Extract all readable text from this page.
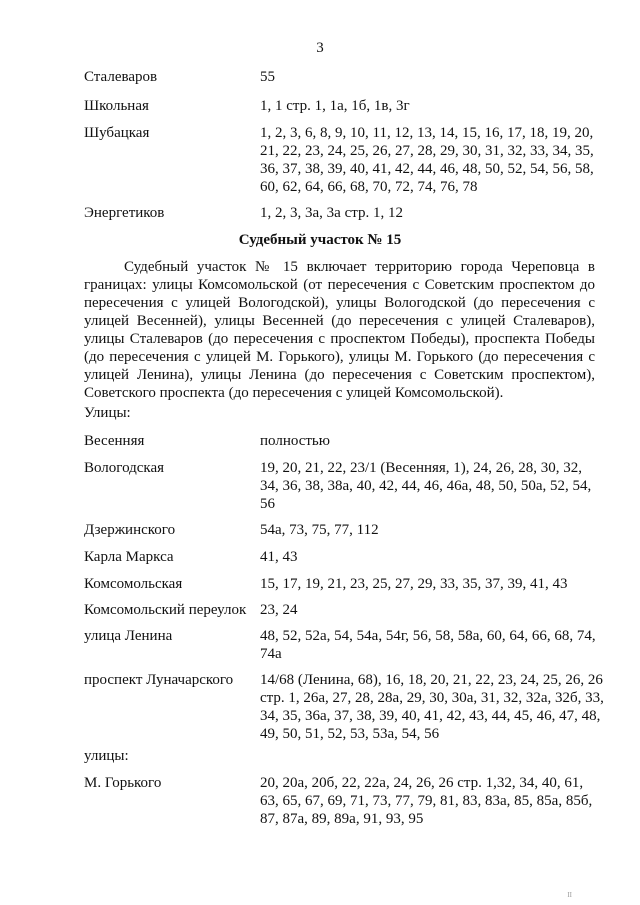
3
Сталеваров	55
Школьная	1, 1 стр. 1, 1а, 1б, 1в, 3г
Шубацкая	1, 2, 3, 6, 8, 9, 10, 11, 12, 13, 14, 15, 16, 17, 18, 19, 20, 21, 22, 23, 24, 25, 26, 27, 28, 29, 30, 31, 32, 33, 34, 35, 36, 37, 38, 39, 40, 41, 42, 44, 46, 48, 50, 52, 54, 56, 58, 60, 62, 64, 66, 68, 70, 72, 74, 76, 78
Энергетиков	1, 2, 3, 3а, 3а стр. 1, 12
Судебный участок № 15
Судебный участок № 15 включает территорию города Череповца в границах: улицы Комсомольской (от пересечения с Советским проспектом до пересечения с улицей Вологодской), улицы Вологодской (до пересечения с улицей Весенней), улицы Весенней (до пересечения с улицей Сталеваров), улицы Сталеваров (до пересечения с проспектом Победы), проспекта Победы (до пересечения с улицей М. Горького), улицы М. Горького (до пересечения с улицей Ленина), улицы Ленина (до пересечения с Советским проспектом), Советского проспекта (до пересечения с улицей Комсомольской).
Улицы:
Весенняя	полностью
Вологодская	19, 20, 21, 22, 23/1 (Весенняя, 1), 24, 26, 28, 30, 32, 34, 36, 38, 38а, 40, 42, 44, 46, 46а, 48, 50, 50а, 52, 54, 56
Дзержинского	54а, 73, 75, 77, 112
Карла Маркса	41, 43
Комсомольская	15, 17, 19, 21, 23, 25, 27, 29, 33, 35, 37, 39, 41, 43
Комсомольский переулок 23, 24
улица Ленина	48, 52, 52а, 54, 54а, 54г, 56, 58, 58а, 60, 64, 66, 68, 74, 74а
проспект Луначарского	14/68 (Ленина, 68), 16, 18, 20, 21, 22, 23, 24, 25, 26, 26 стр. 1, 26а, 27, 28, 28а, 29, 30, 30а, 31, 32, 32а, 32б, 33, 34, 35, 36а, 37, 38, 39, 40, 41, 42, 43, 44, 45, 46, 47, 48, 49, 50, 51, 52, 53, 53а, 54, 56
улицы:
М. Горького	20, 20а, 20б, 22, 22а, 24, 26, 26 стр. 1,32, 34, 40, 61, 63, 65, 67, 69, 71, 73, 77, 79, 81, 83, 83а, 85, 85а, 85б, 87, 87а, 89, 89а, 91, 93, 95
II
